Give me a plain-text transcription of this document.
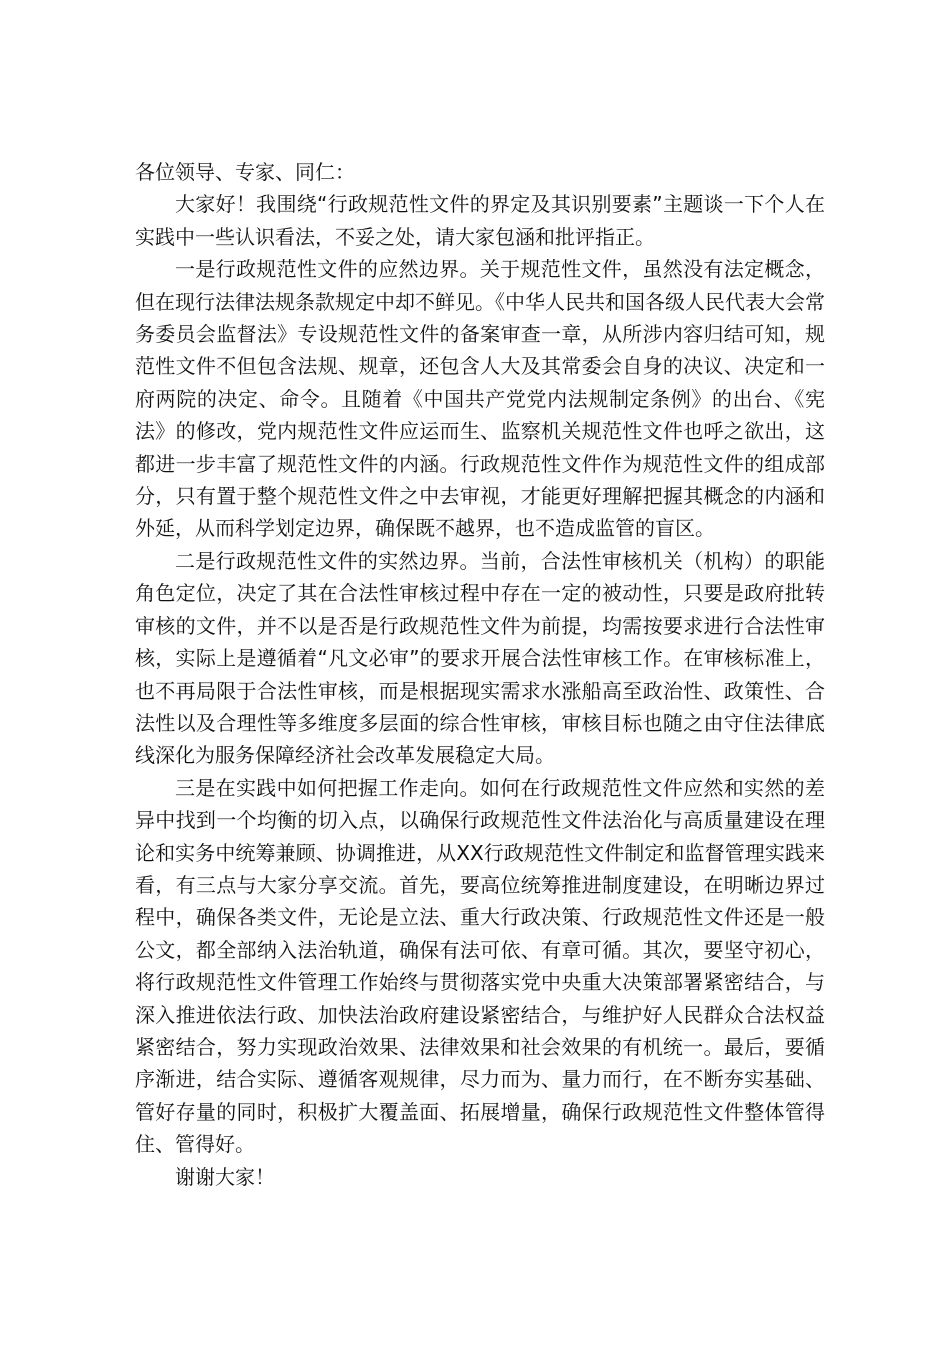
各位领导、专家、同仁：

大家好！我围绕“行政规范性文件的界定及其识别要素”主题谈一下个人在实践中一些认识看法，不妥之处，请大家包涵和批评指正。

一是行政规范性文件的应然边界。关于规范性文件，虽然没有法定概念，但在现行法律法规条款规定中却不鲜见。《中华人民共和国各级人民代表大会常务委员会监督法》专设规范性文件的备案审查一章，从所涉内容归结可知，规范性文件不但包含法规、规章，还包含人大及其常委会自身的决议、决定和一府两院的决定、命令。且随着《中国共产党党内法规制定条例》的出台、《宪法》的修改，党内规范性文件应运而生、监察机关规范性文件也呼之欲出，这都进一步丰富了规范性文件的内涵。行政规范性文件作为规范性文件的组成部分，只有置于整个规范性文件之中去审视，才能更好理解把握其概念的内涵和外延，从而科学划定边界，确保既不越界，也不造成监管的盲区。

二是行政规范性文件的实然边界。当前，合法性审核机关（机构）的职能角色定位，决定了其在合法性审核过程中存在一定的被动性，只要是政府批转审核的文件，并不以是否是行政规范性文件为前提，均需按要求进行合法性审核，实际上是遵循着“凡文必审”的要求开展合法性审核工作。在审核标准上，也不再局限于合法性审核，而是根据现实需求水涨船高至政治性、政策性、合法性以及合理性等多维度多层面的综合性审核，审核目标也随之由守住法律底线深化为服务保障经济社会改革发展稳定大局。

三是在实践中如何把握工作走向。如何在行政规范性文件应然和实然的差异中找到一个均衡的切入点，以确保行政规范性文件法治化与高质量建设在理论和实务中统筹兼顾、协调推进，从XX行政规范性文件制定和监督管理实践来看，有三点与大家分享交流。首先，要高位统筹推进制度建设，在明晰边界过程中，确保各类文件，无论是立法、重大行政决策、行政规范性文件还是一般公文，都全部纳入法治轨道，确保有法可依、有章可循。其次，要坚守初心，将行政规范性文件管理工作始终与贯彻落实党中央重大决策部署紧密结合，与深入推进依法行政、加快法治政府建设紧密结合，与维护好人民群众合法权益紧密结合，努力实现政治效果、法律效果和社会效果的有机统一。最后，要循序渐进，结合实际、遵循客观规律，尽力而为、量力而行，在不断夯实基础、管好存量的同时，积极扩大覆盖面、拓展增量，确保行政规范性文件整体管得住、管得好。

谢谢大家！
